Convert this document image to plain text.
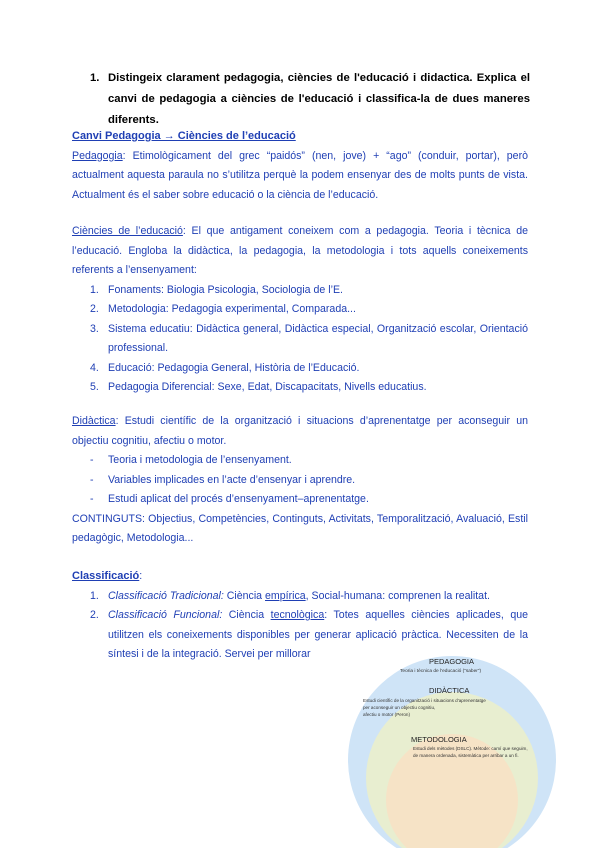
1. Distingeix clarament pedagogia, ciències de l'educació i didactica. Explica el canvi de pedagogia a ciències de l'educació i classifica-la de dues maneres diferents.
Canvi Pedagogia → Ciències de l’educació
Pedagogia: Etimològicament del grec “paidós” (nen, jove) + “ago” (conduir, portar), però actualment aquesta paraula no s’utilitza perquè la podem ensenyar des de molts punts de vista. Actualment és el saber sobre educació o la ciència de l’educació.
Ciències de l’educació: El que antigament coneixem com a pedagogia. Teoria i tècnica de l’educació. Engloba la didàctica, la pedagogia, la metodologia i tots aquells coneixements referents a l’ensenyament:
1. Fonaments: Biologia Psicologia, Sociologia de l’E.
2. Metodologia: Pedagogia experimental, Comparada...
3. Sistema educatiu: Didàctica general, Didàctica especial, Organització escolar, Orientació professional.
4. Educació: Pedagogia General, Història de l’Educació.
5. Pedagogia Diferencial: Sexe, Edat, Discapacitats, Nivells educatius.
Didàctica: Estudi científic de la organització i situacions d’aprenentatge per aconseguir un objectiu cognitiu, afectiu o motor.
- Teoria i metodologia de l’ensenyament.
- Variables implicades en l’acte d’ensenyar i aprendre.
- Estudi aplicat del procés d’ensenyament–aprenentatge.
CONTINGUTS: Objectius, Competències, Continguts, Activitats, Temporalització, Avaluació, Estil pedagògic, Metodologia...
Classificació:
1. Classificació Tradicional: Ciència empírica, Social-humana: comprenen la realitat.
2. Classificació Funcional: Ciència tecnològica: Totes aquelles ciències aplicades, que utilitzen els coneixements disponibles per generar aplicació pràctica. Necessiten de la síntesi i de la integració. Servei per millorar
PEDAGOGIA
Teoria i tècnica de l’educació (“saber”)
DIDÀCTICA
Estudi científic de la organització i situacions d’aprenentatge
per aconseguir un objectiu cognitiu,
afectiu o motor (Peron)
METODOLOGIA
Estudi dels mètodes (DSLC). Mètode: camí que seguim,
de manera ordenada, sistemàtica per arribar a un fi.
